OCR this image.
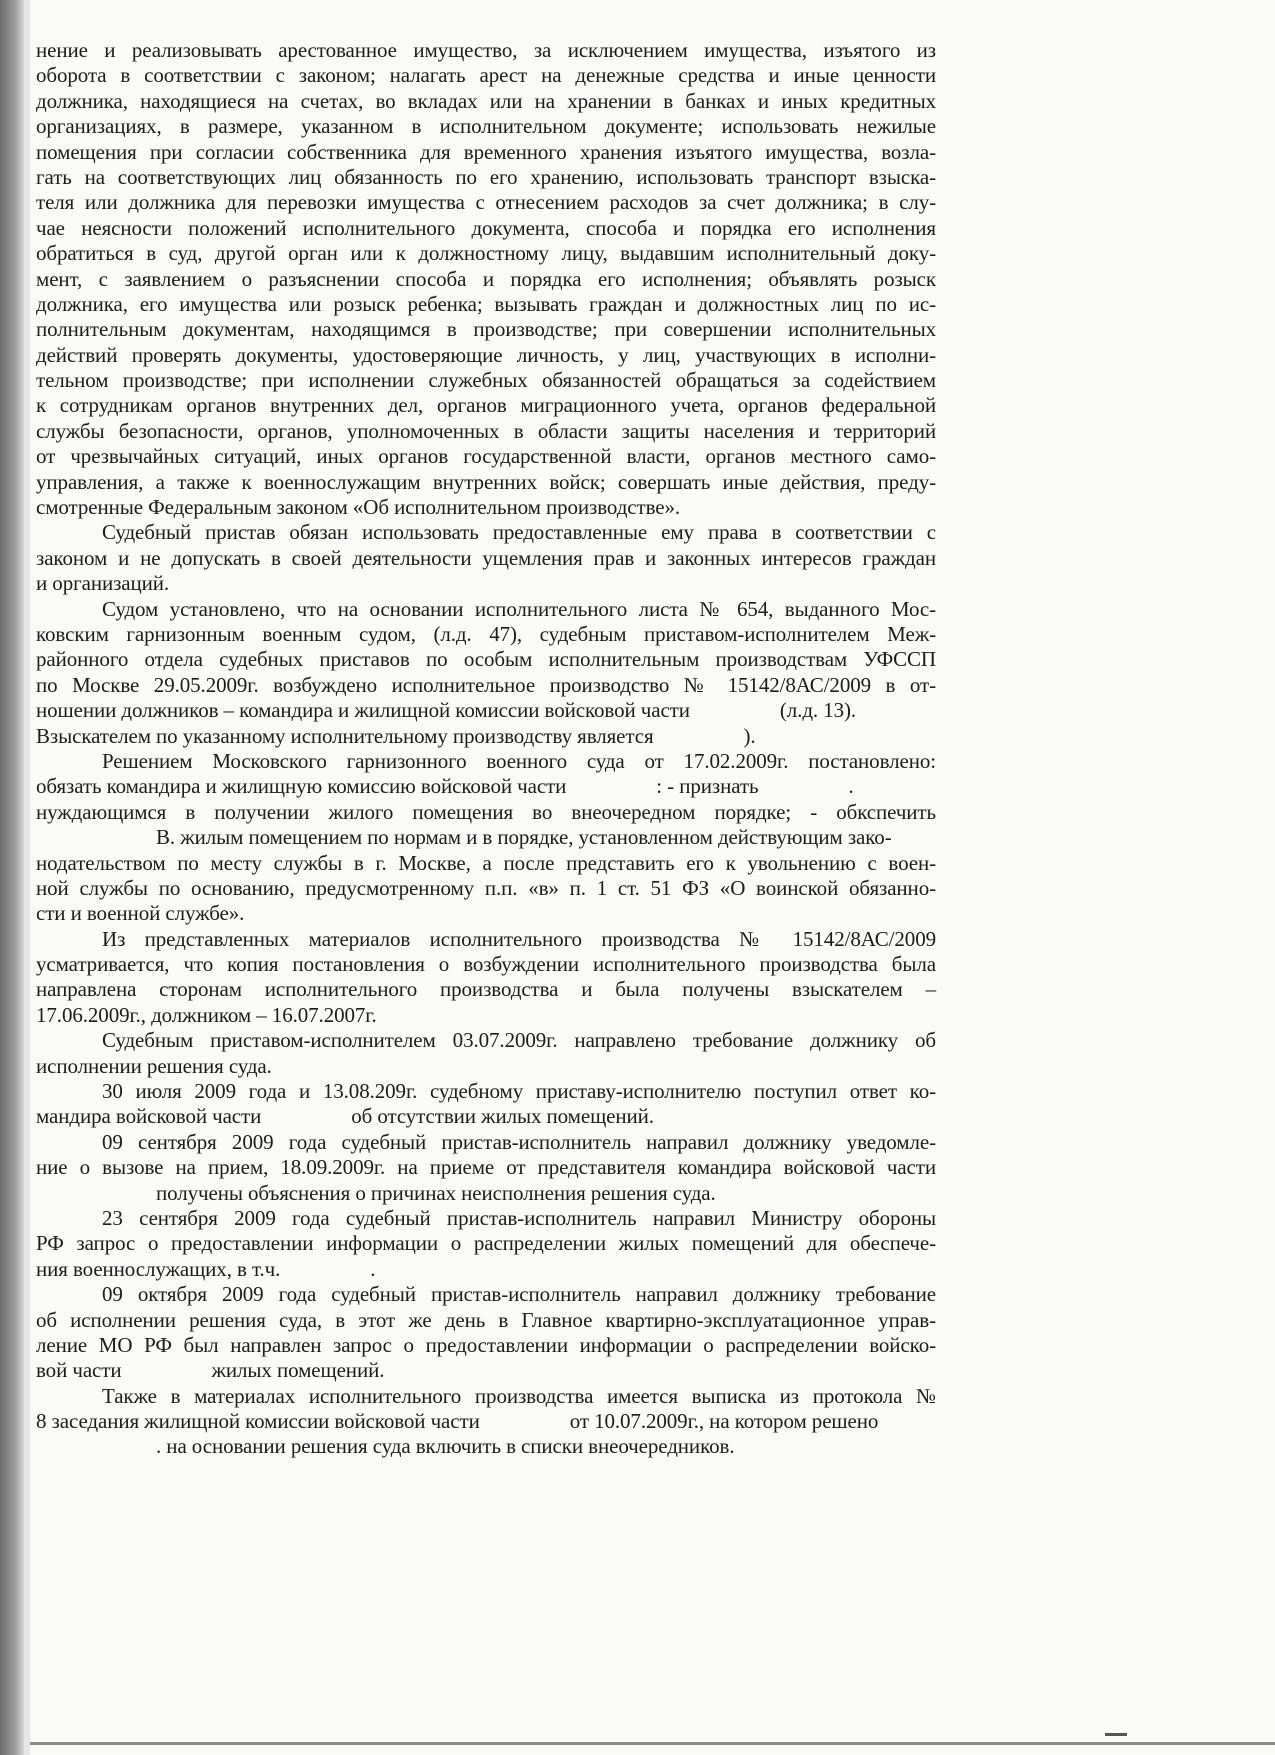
нение и реализовывать арестованное имущество, за исключением имущества, изъятого из
оборота в соответствии с законом; налагать арест на денежные средства и иные ценности
должника, находящиеся на счетах, во вкладах или на хранении в банках и иных кредитных
организациях, в размере, указанном в исполнительном документе; использовать нежилые
помещения при согласии собственника для временного хранения изъятого имущества, возла-
гать на соответствующих лиц обязанность по его хранению, использовать транспорт взыска-
теля или должника для перевозки имущества с отнесением расходов за счет должника; в слу-
чае неясности положений исполнительного документа, способа и порядка его исполнения
обратиться в суд, другой орган или к должностному лицу, выдавшим исполнительный доку-
мент, с заявлением о разъяснении способа и порядка его исполнения; объявлять розыск
должника, его имущества или розыск ребенка; вызывать граждан и должностных лиц по ис-
полнительным документам, находящимся в производстве; при совершении исполнительных
действий проверять документы, удостоверяющие личность, у лиц, участвующих в исполни-
тельном производстве; при исполнении служебных обязанностей обращаться за содействием
к сотрудникам органов внутренних дел, органов миграционного учета, органов федеральной
службы безопасности, органов, уполномоченных в области защиты населения и территорий
от чрезвычайных ситуаций, иных органов государственной власти, органов местного само-
управления, а также к военнослужащим внутренних войск; совершать иные действия, преду-
смотренные Федеральным законом «Об исполнительном производстве».
Судебный пристав обязан использовать предоставленные ему права в соответствии с
законом и не допускать в своей деятельности ущемления прав и законных интересов граждан
и организаций.
Судом установлено, что на основании исполнительного листа № 654, выданного Мос-
ковским гарнизонным военным судом, (л.д. 47), судебным приставом-исполнителем Меж-
районного отдела судебных приставов по особым исполнительным производствам УФССП
по Москве 29.05.2009г. возбуждено исполнительное производство № 15142/8АС/2009 в от-
ношении должников – командира и жилищной комиссии войсковой части	(л.д. 13).
Взыскателем по указанному исполнительному производству является	).
Решением Московского гарнизонного военного суда от 17.02.2009г. постановлено:
обязать командира и жилищную комиссию войсковой части	: - признать	.
нуждающимся в получении жилого помещения во внеочередном порядке; - обкспечить
В. жилым помещением по нормам и в порядке, установленном действующим зако-
нодательством по месту службы в г. Москве, а после представить его к увольнению с воен-
ной службы по основанию, предусмотренному п.п. «в» п. 1 ст. 51 ФЗ «О воинской обязанно-
сти и военной службе».
Из представленных материалов исполнительного производства № 15142/8АС/2009
усматривается, что копия постановления о возбуждении исполнительного производства была
направлена сторонам исполнительного производства и была получены взыскателем –
17.06.2009г., должником – 16.07.2007г.
Судебным приставом-исполнителем 03.07.2009г. направлено требование должнику об
исполнении решения суда.
30 июля 2009 года и 13.08.209г. судебному приставу-исполнителю поступил ответ ко-
мандира войсковой части	об отсутствии жилых помещений.
09 сентября 2009 года судебный пристав-исполнитель направил должнику уведомле-
ние о вызове на прием, 18.09.2009г. на приеме от представителя командира войсковой части
получены объяснения о причинах неисполнения решения суда.
23 сентября 2009 года судебный пристав-исполнитель направил Министру обороны
РФ запрос о предоставлении информации о распределении жилых помещений для обеспече-
ния военнослужащих, в т.ч.	.
09 октября 2009 года судебный пристав-исполнитель направил должнику требование
об исполнении решения суда, в этот же день в Главное квартирно-эксплуатационное управ-
ление МО РФ был направлен запрос о предоставлении информации о распределении войско-
вой части	жилых помещений.
Также в материалах исполнительного производства имеется выписка из протокола №
8 заседания жилищной комиссии войсковой части	от 10.07.2009г., на котором решено
. на основании решения суда включить в списки внеочередников.
